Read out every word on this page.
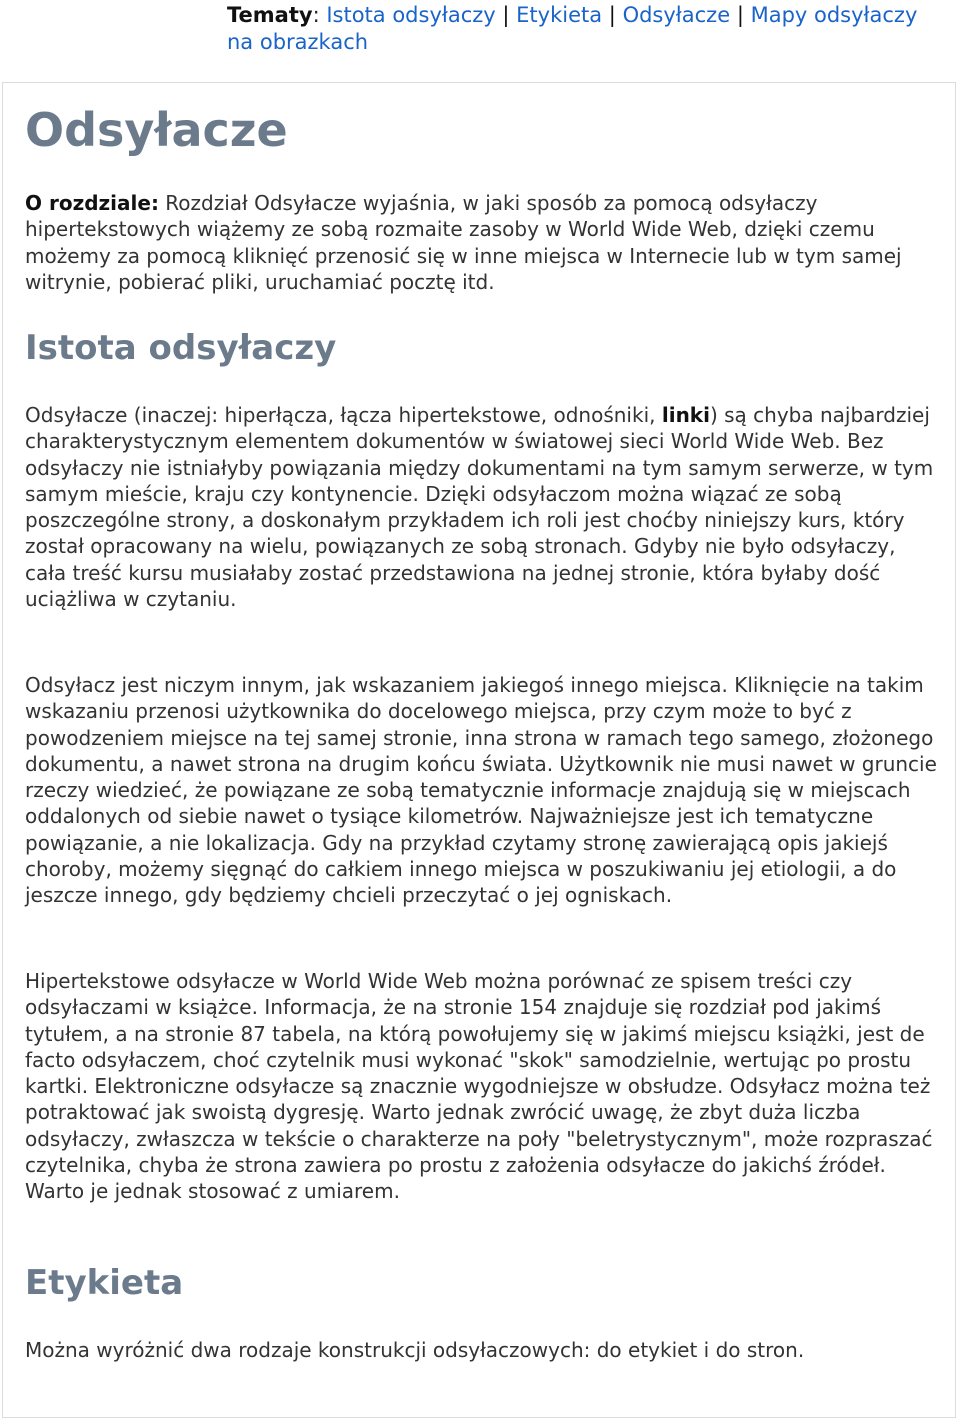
Tematy: Istota odsyłaczy | Etykieta | Odsyłacze | Mapy odsyłaczy na obrazkach
Odsyłacze

O rozdziale: Rozdział Odsyłacze wyjaśnia, w jaki sposób za pomocą odsyłaczy hipertekstowych wiążemy ze sobą rozmaite zasoby w World Wide Web, dzięki czemu możemy za pomocą kliknięć przenosić się w inne miejsca w Internecie lub w tym samej witrynie, pobierać pliki, uruchamiać pocztę itd.

Istota odsyłaczy

Odsyłacze (inaczej: hiperłącza, łącza hipertekstowe, odnośniki, linki) są chyba najbardziej charakterystycznym elementem dokumentów w światowej sieci World Wide Web. Bez odsyłaczy nie istniałyby powiązania między dokumentami na tym samym serwerze, w tym samym mieście, kraju czy kontynencie. Dzięki odsyłaczom można wiązać ze sobą poszczególne strony, a doskonałym przykładem ich roli jest choćby niniejszy kurs, który został opracowany na wielu, powiązanych ze sobą stronach. Gdyby nie było odsyłaczy, cała treść kursu musiałaby zostać przedstawiona na jednej stronie, która byłaby dość uciążliwa w czytaniu.

Odsyłacz jest niczym innym, jak wskazaniem jakiegoś innego miejsca. Kliknięcie na takim wskazaniu przenosi użytkownika do docelowego miejsca, przy czym może to być z powodzeniem miejsce na tej samej stronie, inna strona w ramach tego samego, złożonego dokumentu, a nawet strona na drugim końcu świata. Użytkownik nie musi nawet w gruncie rzeczy wiedzieć, że powiązane ze sobą tematycznie informacje znajdują się w miejscach oddalonych od siebie nawet o tysiące kilometrów. Najważniejsze jest ich tematyczne powiązanie, a nie lokalizacja. Gdy na przykład czytamy stronę zawierającą opis jakiejś choroby, możemy sięgnąć do całkiem innego miejsca w poszukiwaniu jej etiologii, a do jeszcze innego, gdy będziemy chcieli przeczytać o jej ogniskach.

Hipertekstowe odsyłacze w World Wide Web można porównać ze spisem treści czy odsyłaczami w książce. Informacja, że na stronie 154 znajduje się rozdział pod jakimś tytułem, a na stronie 87 tabela, na którą powołujemy się w jakimś miejscu książki, jest de facto odsyłaczem, choć czytelnik musi wykonać "skok" samodzielnie, wertując po prostu kartki. Elektroniczne odsyłacze są znacznie wygodniejsze w obsłudze. Odsyłacz można też potraktować jak swoistą dygresję. Warto jednak zwrócić uwagę, że zbyt duża liczba odsyłaczy, zwłaszcza w tekście o charakterze na poły "beletrystycznym", może rozpraszać czytelnika, chyba że strona zawiera po prostu z założenia odsyłacze do jakichś źródeł. Warto je jednak stosować z umiarem.

Etykieta

Można wyróżnić dwa rodzaje konstrukcji odsyłaczowych: do etykiet i do stron.
